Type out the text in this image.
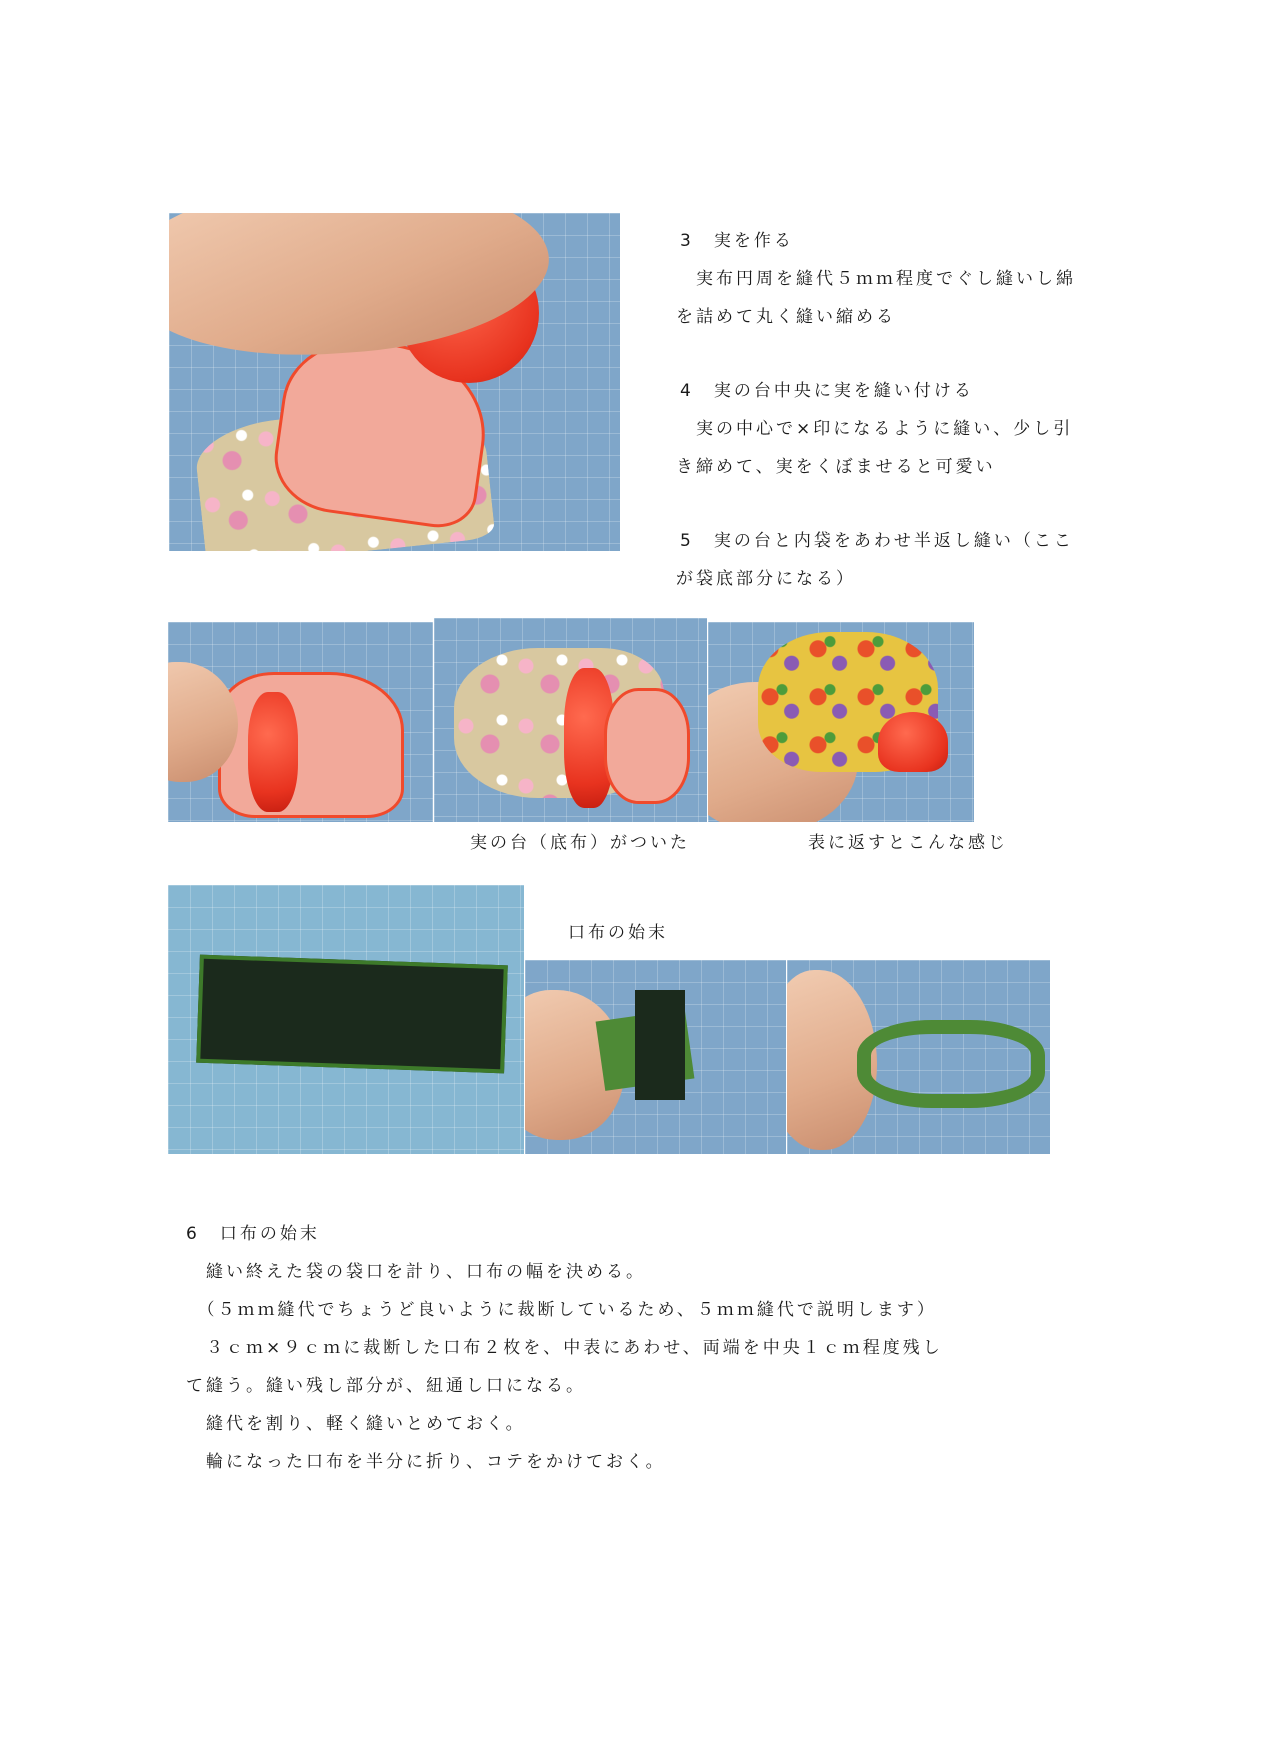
3　実を作る
　実布円周を縫代５ｍｍ程度でぐし縫いし綿
を詰めて丸く縫い縮める
4　実の台中央に実を縫い付ける
　実の中心で×印になるように縫い、少し引
き締めて、実をくぼませると可愛い
5　実の台と内袋をあわせ半返し縫い（ここ
が袋底部分になる）
実の台（底布）がついた	表に返すとこんな感じ
口布の始末
6　口布の始末
　縫い終えた袋の袋口を計り、口布の幅を決める。
　（５ｍｍ縫代でちょうど良いように裁断しているため、５ｍｍ縫代で説明します）
　３ｃｍ×９ｃｍに裁断した口布２枚を、中表にあわせ、両端を中央１ｃｍ程度残し
て縫う。縫い残し部分が、紐通し口になる。
　縫代を割り、軽く縫いとめておく。
　輪になった口布を半分に折り、コテをかけておく。
